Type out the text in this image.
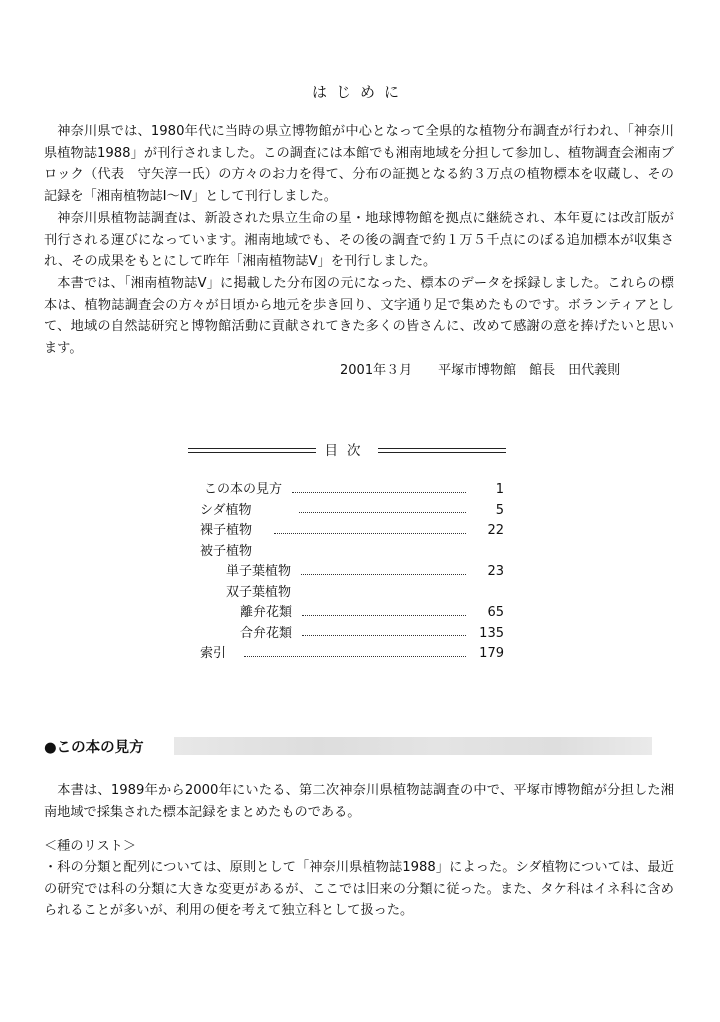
はじめに

神奈川県では、1980年代に当時の県立博物館が中心となって全県的な植物分布調査が行われ、「神奈川県植物誌1988」が刊行されました。この調査には本館でも湘南地域を分担して参加し、植物調査会湘南ブロック（代表　守矢淳一氏）の方々のお力を得て、分布の証拠となる約３万点の植物標本を収蔵し、その記録を「湘南植物誌Ⅰ～Ⅳ」として刊行しました。

神奈川県植物誌調査は、新設された県立生命の星・地球博物館を拠点に継続され、本年夏には改訂版が刊行される運びになっています。湘南地域でも、その後の調査で約１万５千点にのぼる追加標本が収集され、その成果をもとにして昨年「湘南植物誌Ⅴ」を刊行しました。

本書では、「湘南植物誌Ⅴ」に掲載した分布図の元になった、標本のデータを採録しました。これらの標本は、植物誌調査会の方々が日頃から地元を歩き回り、文字通り足で集めたものです。ボランティアとして、地域の自然誌研究と博物館活動に貢献されてきた多くの皆さんに、改めて感謝の意を捧げたいと思います。

2001年３月　　平塚市博物館　館長　田代義則
目次
この本の見方	1
シダ植物	5
裸子植物	22
被子植物
単子葉植物	23
双子葉植物
離弁花類	65
合弁花類	135
索引	179
●この本の見方

本書は、1989年から2000年にいたる、第二次神奈川県植物誌調査の中で、平塚市博物館が分担した湘南地域で採集された標本記録をまとめたものである。

＜種のリスト＞

・科の分類と配列については、原則として「神奈川県植物誌1988」によった。シダ植物については、最近の研究では科の分類に大きな変更があるが、ここでは旧来の分類に従った。また、タケ科はイネ科に含められることが多いが、利用の便を考えて独立科として扱った。
